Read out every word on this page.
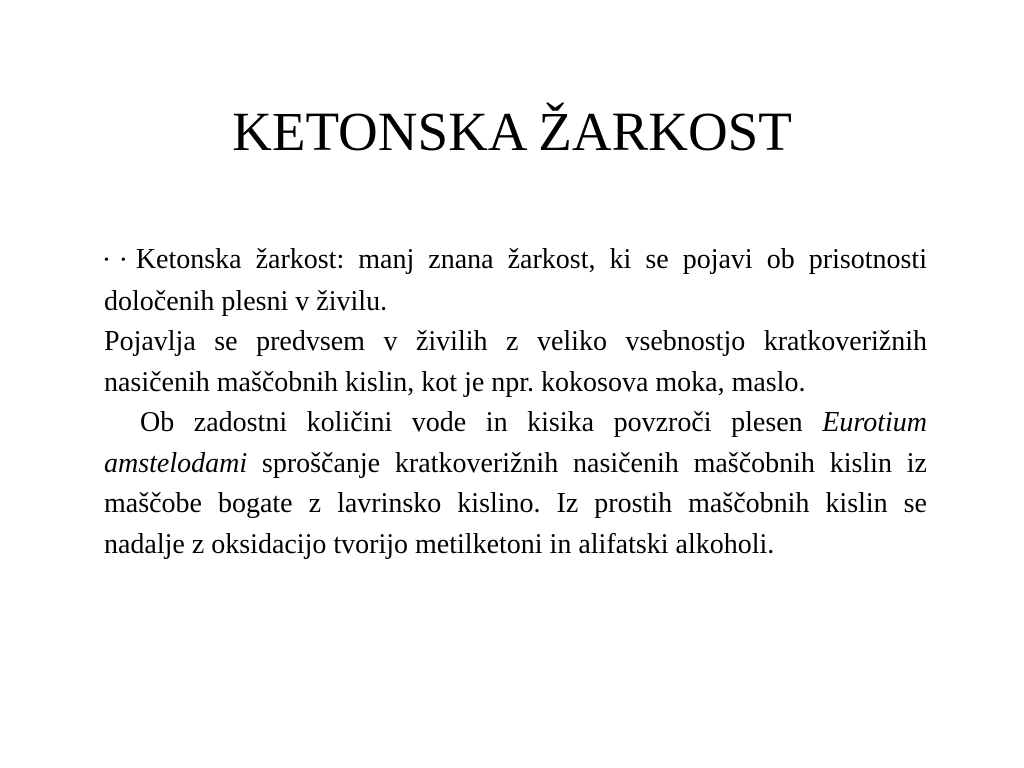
KETONSKA ŽARKOST

• • Ketonska žarkost: manj znana žarkost, ki se pojavi ob prisotnosti določenih plesni v živilu.

Pojavlja se predvsem v živilih z veliko vsebnostjo kratkoverižnih nasičenih maščobnih kislin, kot je npr. kokosova moka, maslo.

Ob zadostni količini vode in kisika povzroči plesen Eurotium amstelodami sproščanje kratkoverižnih nasičenih maščobnih kislin iz maščobe bogate z lavrinsko kislino. Iz prostih maščobnih kislin se nadalje z oksidacijo tvorijo metilketoni in alifatski alkoholi.
